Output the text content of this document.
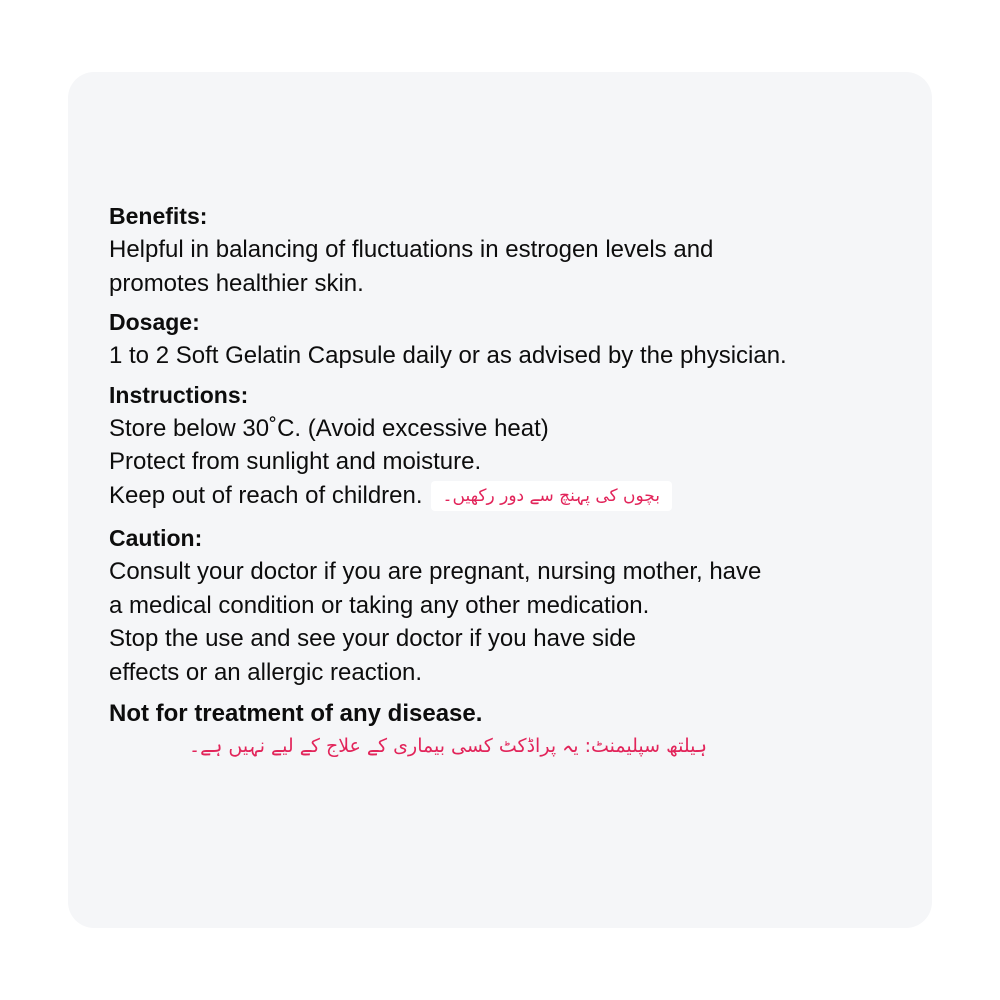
Benefits:

Helpful in balancing of fluctuations in estrogen levels and

promotes healthier skin.

Dosage:

1 to 2 Soft Gelatin Capsule daily or as advised by the physician.

Instructions:

Store below 30˚C. (Avoid excessive heat)

Protect from sunlight and moisture.

Keep out of reach of children. بچوں کی پہنچ سے دور رکھیں۔

Caution:

Consult your doctor if you are pregnant, nursing mother, have

a medical condition or taking any other medication.

Stop the use and see your doctor if you have side

effects or an allergic reaction.

Not for treatment of any disease.

ہیلتھ سپلیمنٹ: یہ پراڈکٹ کسی بیماری کے علاج کے لیے نہیں ہے۔
